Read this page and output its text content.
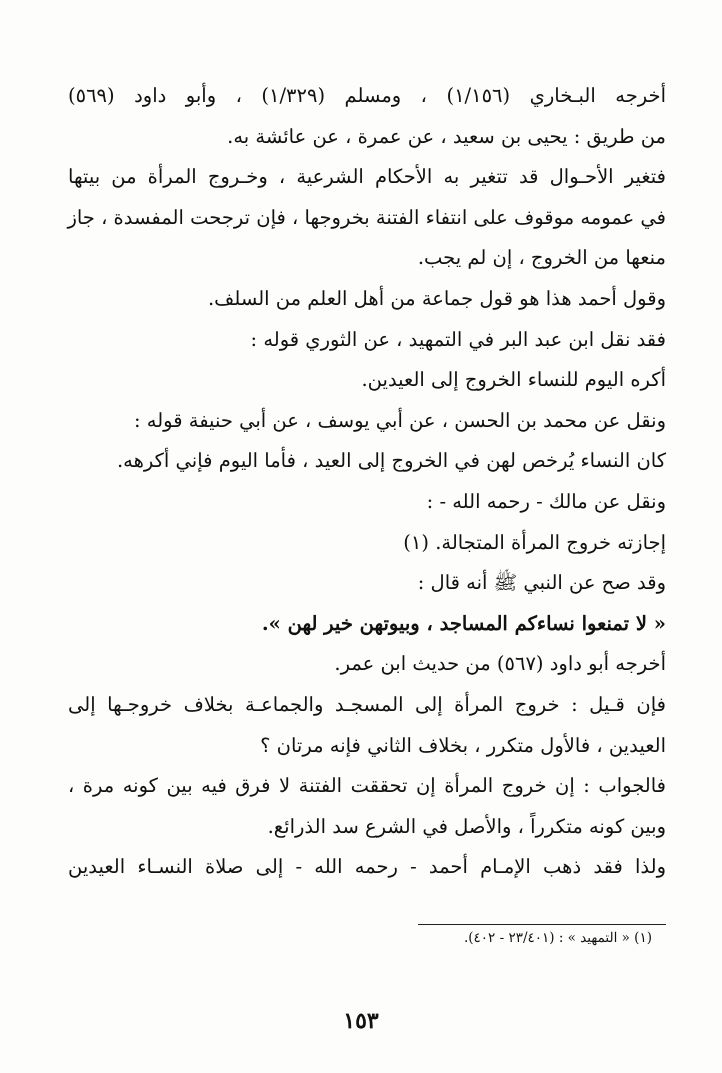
أخرجه البـخاري (١/١٥٦) ، ومسلم (١/٣٢٩) ، وأبو داود (٥٦٩)
من طريق : يحيى بن سعيد ، عن عمرة ، عن عائشة به.
فتغير الأحـوال قد تتغير به الأحكام الشرعية ، وخـروج المرأة من بيتها
في عمومه موقوف على انتفاء الفتنة بخروجها ، فإن ترجحت المفسدة ، جاز
منعها من الخروج ، إن لم يجب.
وقول أحمد هذا هو قول جماعة من أهل العلم من السلف.
فقد نقل ابن عبد البر في التمهيد ، عن الثوري قوله :
أكره اليوم للنساء الخروج إلى العيدين.
ونقل عن محمد بن الحسن ، عن أبي يوسف ، عن أبي حنيفة قوله :
كان النساء يُرخص لهن في الخروج إلى العيد ، فأما اليوم فإني أكرهه.
ونقل عن مالك - رحمه الله - :
إجازته خروج المرأة المتجالة. (١)
وقد صح عن النبي ﷺ أنه قال :
« لا تمنعوا نساءكم المساجد ، وبيوتهن خير لهن ».
أخرجه أبو داود (٥٦٧) من حديث ابن عمر.
فإن قـيل : خروج المرأة إلى المسجـد والجماعـة بخلاف خروجـها إلى
العيدين ، فالأول متكرر ، بخلاف الثاني فإنه مرتان ؟
فالجواب : إن خروج المرأة إن تحققت الفتنة لا فرق فيه بين كونه مرة ،
وبين كونه متكرراً ، والأصل في الشرع سد الذرائع.
ولذا فقد ذهب الإمـام أحمد - رحمه الله - إلى صلاة النسـاء العيدين
(١) « التمهيد » : (٢٣/٤٠١ - ٤٠٢).
١٥٣
